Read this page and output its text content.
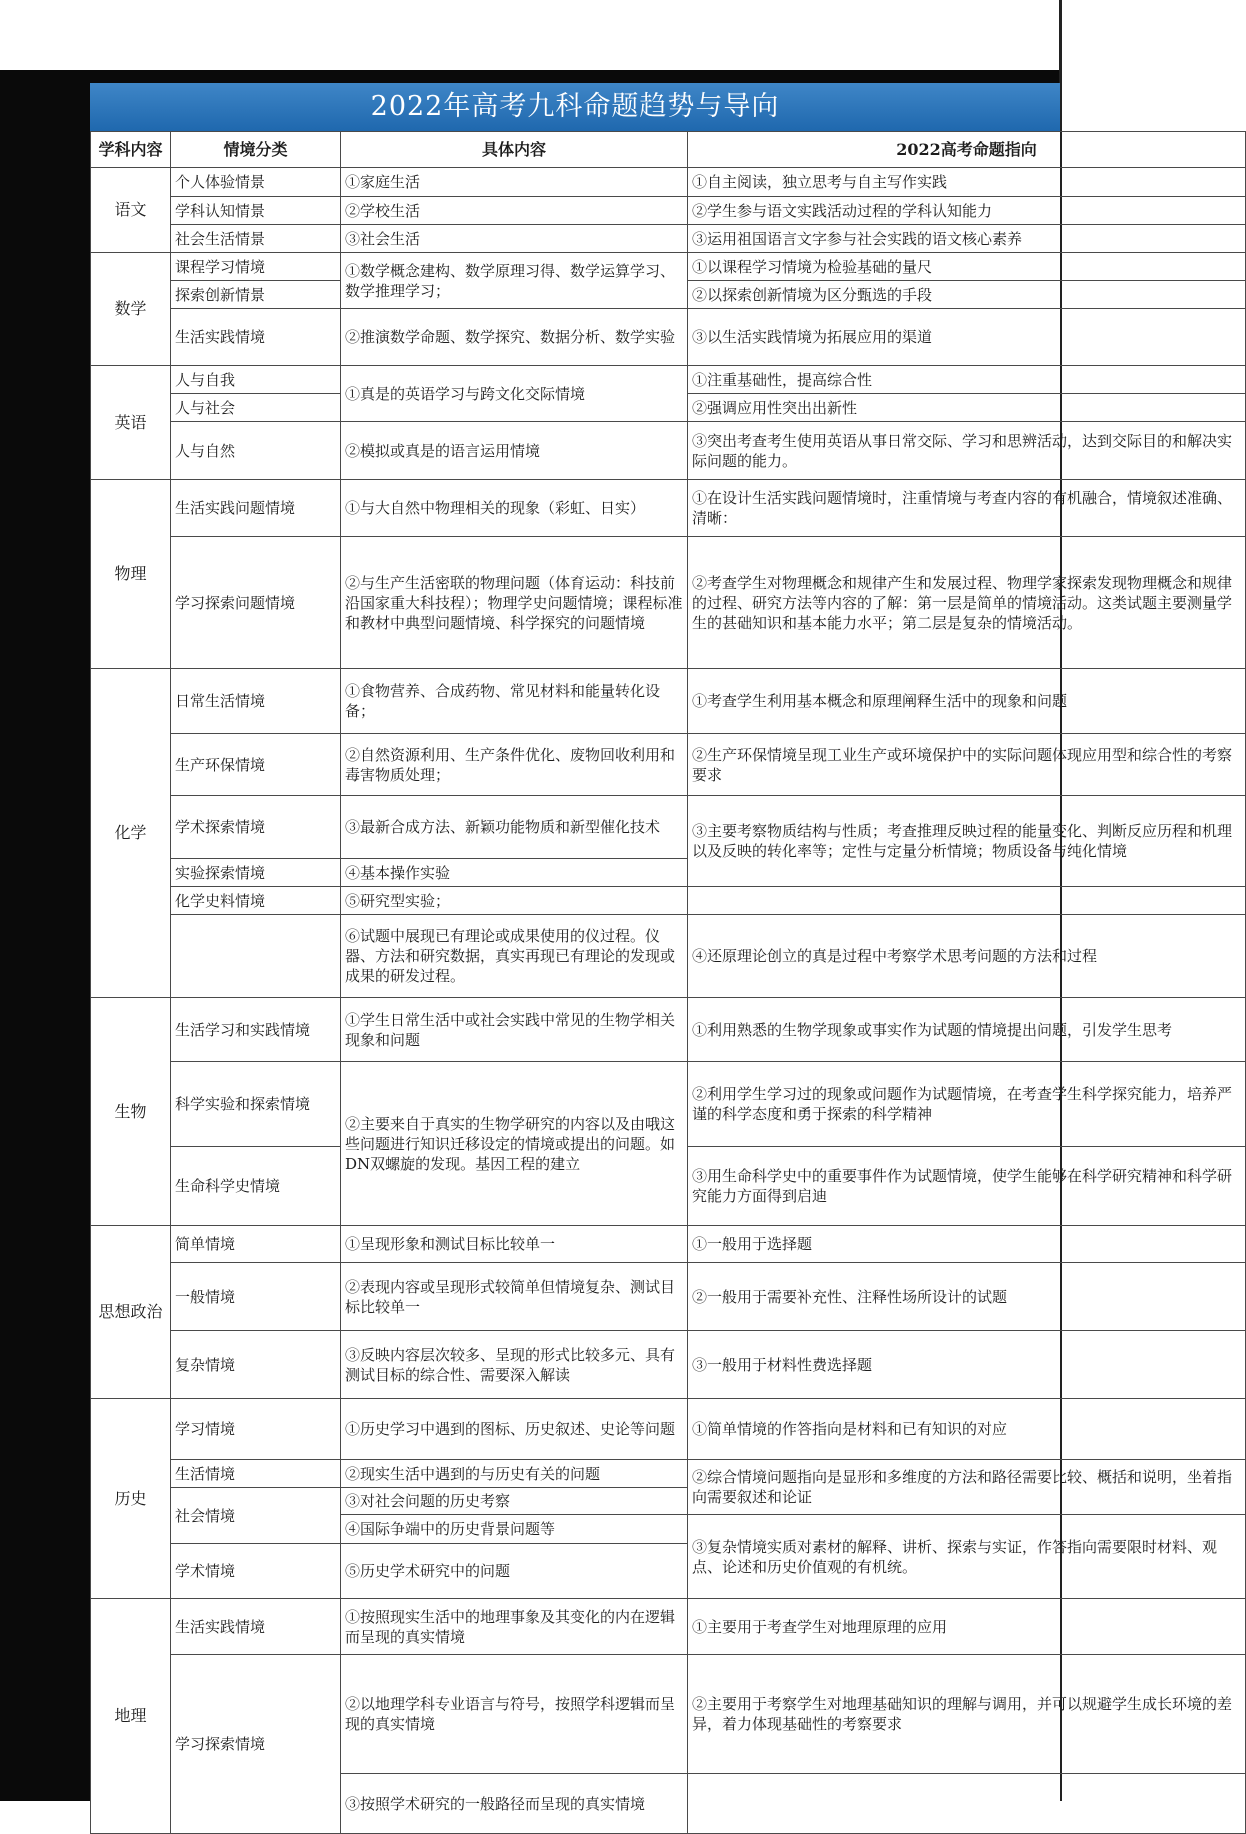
2022年高考九科命题趋势与导向
学科内容	情境分类	具体内容	2022高考命题指向
语文	个人体验情景	①家庭生活	①自主阅读，独立思考与自主写作实践
	学科认知情景	②学校生活	②学生参与语文实践活动过程的学科认知能力
	社会生活情景	③社会生活	③运用祖国语言文字参与社会实践的语文核心素养
数学	课程学习情境	①数学概念建构、数学原理习得、数学运算学习、数学推理学习；	①以课程学习情境为检验基础的量尺
	探索创新情景		②以探索创新情境为区分甄选的手段
	生活实践情境	②推演数学命题、数学探究、数据分析、数学实验	③以生活实践情境为拓展应用的渠道
英语	人与自我	①真是的英语学习与跨文化交际情境	①注重基础性，提高综合性
	人与社会		②强调应用性突出出新性
	人与自然	②模拟或真是的语言运用情境	③突出考查考生使用英语从事日常交际、学习和思辨活动，达到交际目的和解决实际问题的能力。
物理	生活实践问题情境	①与大自然中物理相关的现象（彩虹、日实）	①在设计生活实践问题情境时，注重情境与考查内容的有机融合，情境叙述准确、清晰：
	学习探索问题情境	②与生产生活密联的物理问题（体育运动：科技前沿国家重大科技程）；物理学史问题情境；课程标准和教材中典型问题情境、科学探究的问题情境	②考查学生对物理概念和规律产生和发展过程、物理学家探索发现物理概念和规律的过程、研究方法等内容的了解：第一层是简单的情境活动。这类试题主要测量学生的甚础知识和基本能力水平；第二层是复杂的情境活动。
化学	日常生活情境	①食物营养、合成药物、常见材料和能量转化设备；	①考查学生利用基本概念和原理阐释生活中的现象和问题
	生产环保情境	②自然资源利用、生产条件优化、废物回收利用和毒害物质处理；	②生产环保情境呈现工业生产或环境保护中的实际问题体现应用型和综合性的考察要求
	学术探索情境	③最新合成方法、新颖功能物质和新型催化技术	③主要考察物质结构与性质；考查推理反映过程的能量变化、判断反应历程和机理以及反映的转化率等；定性与定量分析情境；物质设备与纯化情境
	实验探索情境	④基本操作实验	
	化学史料情境	⑤研究型实验；	
		⑥试题中展现已有理论或成果使用的仪过程。仪器、方法和研究数据，真实再现已有理论的发现或成果的研发过程。	④还原理论创立的真是过程中考察学术思考问题的方法和过程
生物	生活学习和实践情境	①学生日常生活中或社会实践中常见的生物学相关现象和问题	①利用熟悉的生物学现象或事实作为试题的情境提出问题，引发学生思考
	科学实验和探索情境	②主要来自于真实的生物学研究的内容以及由哦这些问题进行知识迁移设定的情境或提出的问题。如DN双螺旋的发现。基因工程的建立	②利用学生学习过的现象或问题作为试题情境，在考查学生科学探究能力，培养严谨的科学态度和勇于探索的科学精神
	生命科学史情境		③用生命科学史中的重要事件作为试题情境，使学生能够在科学研究精神和科学研究能力方面得到启迪
思想政治	简单情境	①呈现形象和测试目标比较单一	①一般用于选择题
	一般情境	②表现内容或呈现形式较简单但情境复杂、测试目标比较单一	②一般用于需要补充性、注释性场所设计的试题
	复杂情境	③反映内容层次较多、呈现的形式比较多元、具有测试目标的综合性、需要深入解读	③一般用于材料性费选择题
历史	学习情境	①历史学习中遇到的图标、历史叙述、史论等问题	①简单情境的作答指向是材料和已有知识的对应
	生活情境	②现实生活中遇到的与历史有关的问题	②综合情境问题指向是显形和多维度的方法和路径需要比较、概括和说明，坐着指向需要叙述和论证
	社会情境	③对社会问题的历史考察	
		④国际争端中的历史背景问题等	③复杂情境实质对素材的解释、讲析、探索与实证，作答指向需要限时材料、观点、论述和历史价值观的有机统。
	学术情境	⑤历史学术研究中的问题	
地理	生活实践情境	①按照现实生活中的地理事象及其变化的内在逻辑而呈现的真实情境	①主要用于考查学生对地理原理的应用
	学习探索情境	②以地理学科专业语言与符号，按照学科逻辑而呈现的真实情境	②主要用于考察学生对地理基础知识的理解与调用，并可以规避学生成长环境的差异，着力体现基础性的考察要求
		③按照学术研究的一般路径而呈现的真实情境	
